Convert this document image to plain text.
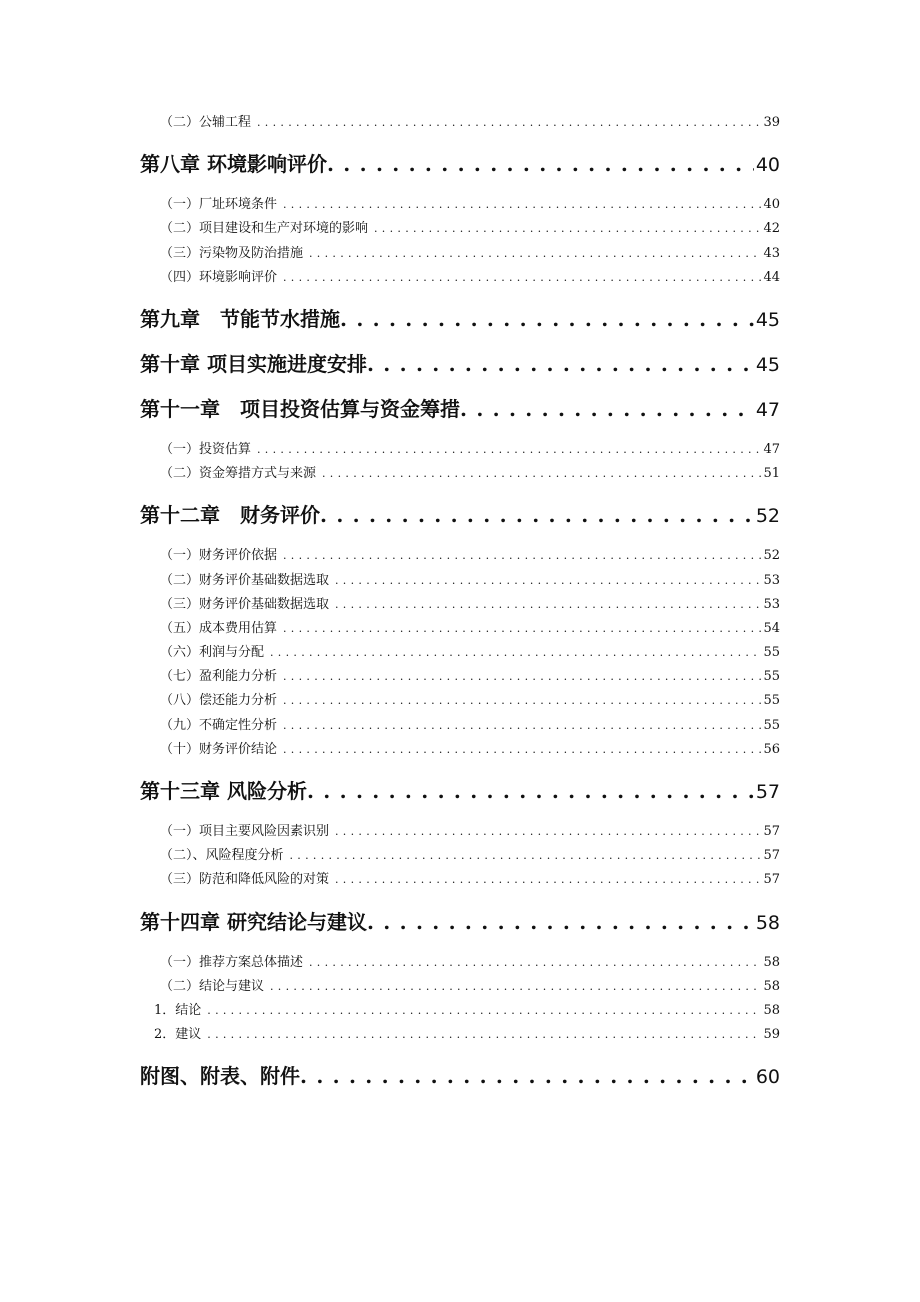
（二）公辅工程 . . .	39
第八章 环境影响评价 . . .	40
（一）厂址环境条件 . . .	40
（二）项目建设和生产对环境的影响 . . .	42
（三）污染物及防治措施 . . .	43
（四）环境影响评价 . . .	44
第九章　节能节水措施 . . .	45
第十章 项目实施进度安排 . . .	45
第十一章　项目投资估算与资金筹措 . . .	47
（一）投资估算 . . .	47
（二）资金筹措方式与来源 . . .	51
第十二章　财务评价 . . .	52
（一）财务评价依据 . . .	52
（二）财务评价基础数据选取 . . .	53
（三）财务评价基础数据选取 . . .	53
（五）成本费用估算 . . .	54
（六）利润与分配 . . .	55
（七）盈利能力分析 . . .	55
（八）偿还能力分析 . . .	55
（九）不确定性分析 . . .	55
（十）财务评价结论 . . .	56
第十三章 风险分析 . . .	57
（一）项目主要风险因素识别 . . .	57
（二）、风险程度分析 . . .	57
（三）防范和降低风险的对策 . . .	57
第十四章 研究结论与建议 . . .	58
（一）推荐方案总体描述 . . .	58
（二）结论与建议 . . .	58
1．结论 . . .	58
2．建议 . . .	59
附图、附表、附件 . . .	60
